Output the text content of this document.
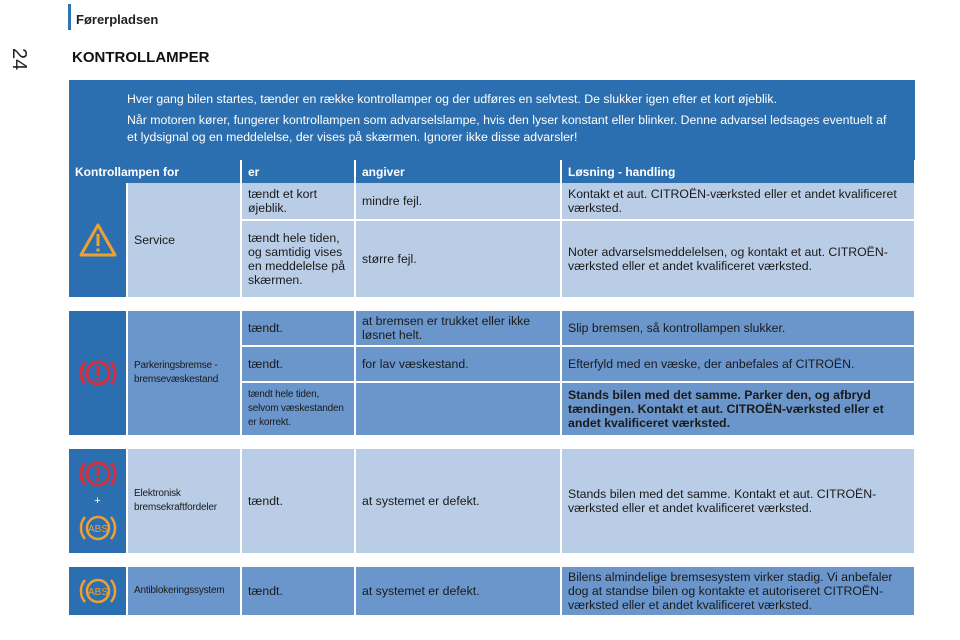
Førerpladsen
24	KONTROLLAMPER

Hver gang bilen startes, tænder en række kontrollamper og der udføres en selvtest. De slukker igen efter et kort øjeblik.

Når motoren kører, fungerer kontrollampen som advarselslampe, hvis den lyser konstant eller blinker. Denne advarsel ledsages eventuelt af et lydsignal og en meddelelse, der vises på skærmen. Ignorer ikke disse advarsler!

Kontrollampen for		er	angiver	Løsning - handling

	Service	tændt et kort øjeblik.	mindre fejl.	Kontakt et aut. CITROËN-værksted eller et andet kvalificeret værksted.
		tændt hele tiden, og samtidig vises en meddelelse på skærmen.	større fejl.	Noter advarselsmeddelelsen, og kontakt et aut. CITROËN-værksted eller et andet kvalificeret værksted.

	Parkeringsbremse - bremsevæskestand	tændt.	at bremsen er trukket eller ikke løsnet helt.	Slip bremsen, så kontrollampen slukker.
		tændt.	for lav væskestand.	Efterfyld med en væske, der anbefales af CITROËN.
		tændt hele tiden, selvom væskestanden er korrekt.		Stands bilen med det samme. Parker den, og afbryd tændingen. Kontakt et aut. CITROËN-værksted eller et andet kvalificeret værksted.

+
ABS	Elektronisk bremsekraftfordeler	tændt.	at systemet er defekt.	Stands bilen med det samme. Kontakt et aut. CITROËN-værksted eller et andet kvalificeret værksted.

ABS	Antiblokeringssystem	tændt.	at systemet er defekt.	Bilens almindelige bremsesystem virker stadig. Vi anbefaler dog at standse bilen og kontakte et autoriseret CITROËN-værksted eller et andet kvalificeret værksted.
